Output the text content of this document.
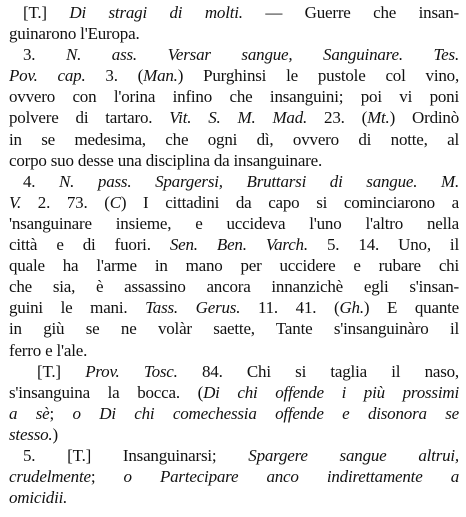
[T.] Di stragi di molti. — Guerre che insan-
guinarono l'Europa.
3. N. ass. Versar sangue, Sanguinare. Tes.
Pov. cap. 3. (Man.) Purghinsi le pustole col vino,
ovvero con l'orina infino che insanguini; poi vi poni
polvere di tartaro. Vit. S. M. Mad. 23. (Mt.) Ordinò
in se medesima, che ogni dì, ovvero di notte, al
corpo suo desse una disciplina da insanguinare.
4. N. pass. Spargersi, Bruttarsi di sangue. M.
V. 2. 73. (C) I cittadini da capo si cominciarono a
'nsanguinare insieme, e uccideva l'uno l'altro nella
città e di fuori. Sen. Ben. Varch. 5. 14. Uno, il
quale ha l'arme in mano per uccidere e rubare chi
che sia, è assassino ancora innanzichè egli s'insan-
guini le mani. Tass. Gerus. 11. 41. (Gh.) E quante
in giù se ne volàr saette, Tante s'insanguinàro il
ferro e l'ale.
[T.] Prov. Tosc. 84. Chi si taglia il naso,
s'insanguina la bocca. (Di chi offende i più prossimi
a sè; o Di chi comechessia offende e disonora se
stesso.)
5. [T.] Insanguinarsi; Spargere sangue altrui,
crudelmente; o Partecipare anco indirettamente a
omicidii.
